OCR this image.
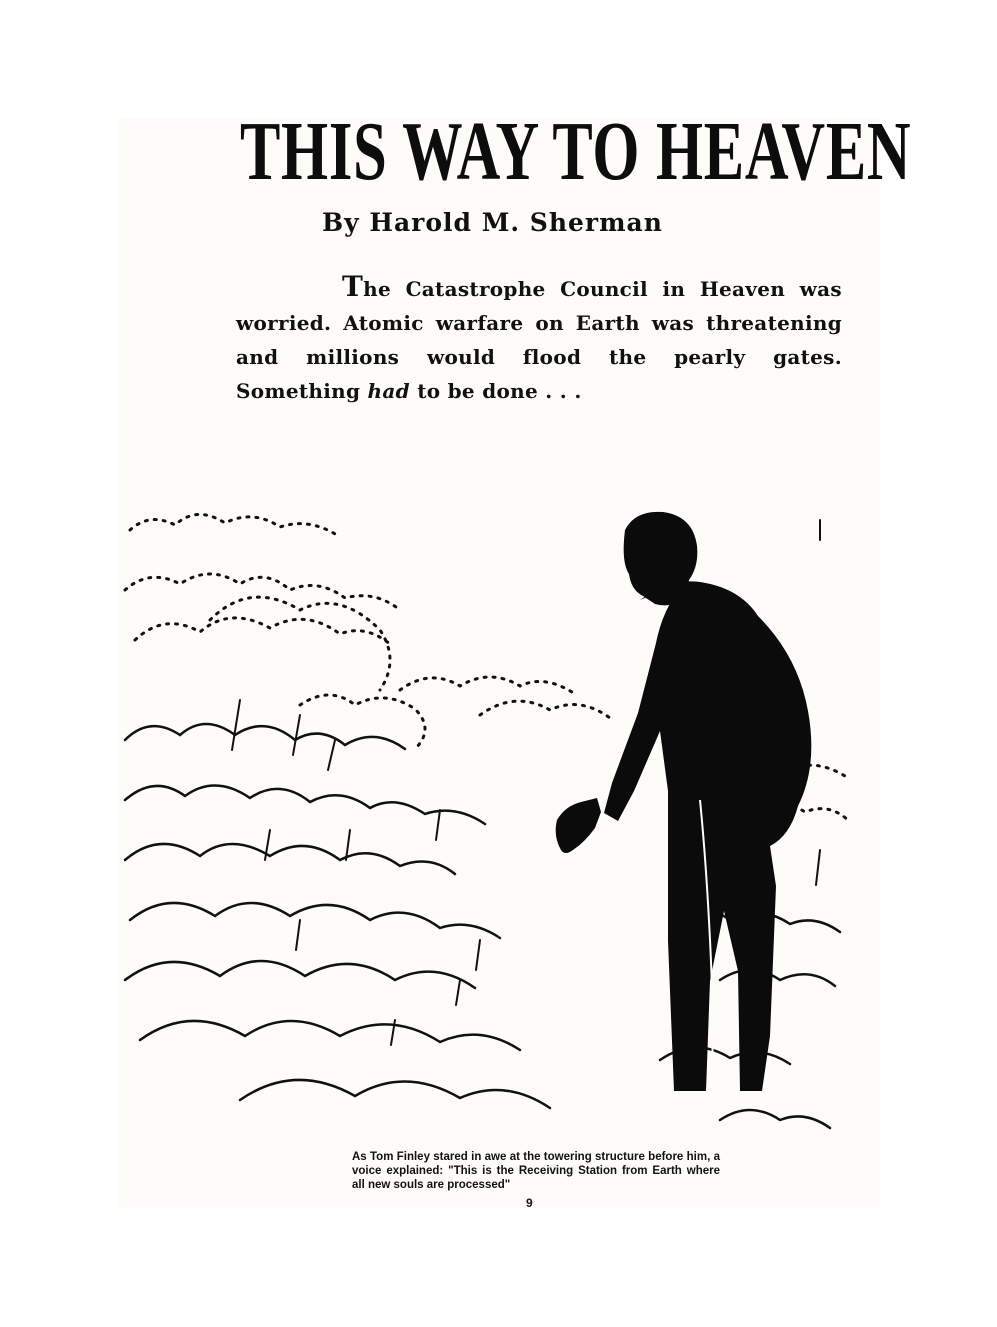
THIS WAY TO HEAVEN
By Harold M. Sherman
The Catastrophe Council in Heaven was worried. Atomic warfare on Earth was threatening and millions would flood the pearly gates. Something had to be done . . .
As Tom Finley stared in awe at the towering structure before him, a voice explained: "This is the Receiving Station from Earth where all new souls are processed"
9
